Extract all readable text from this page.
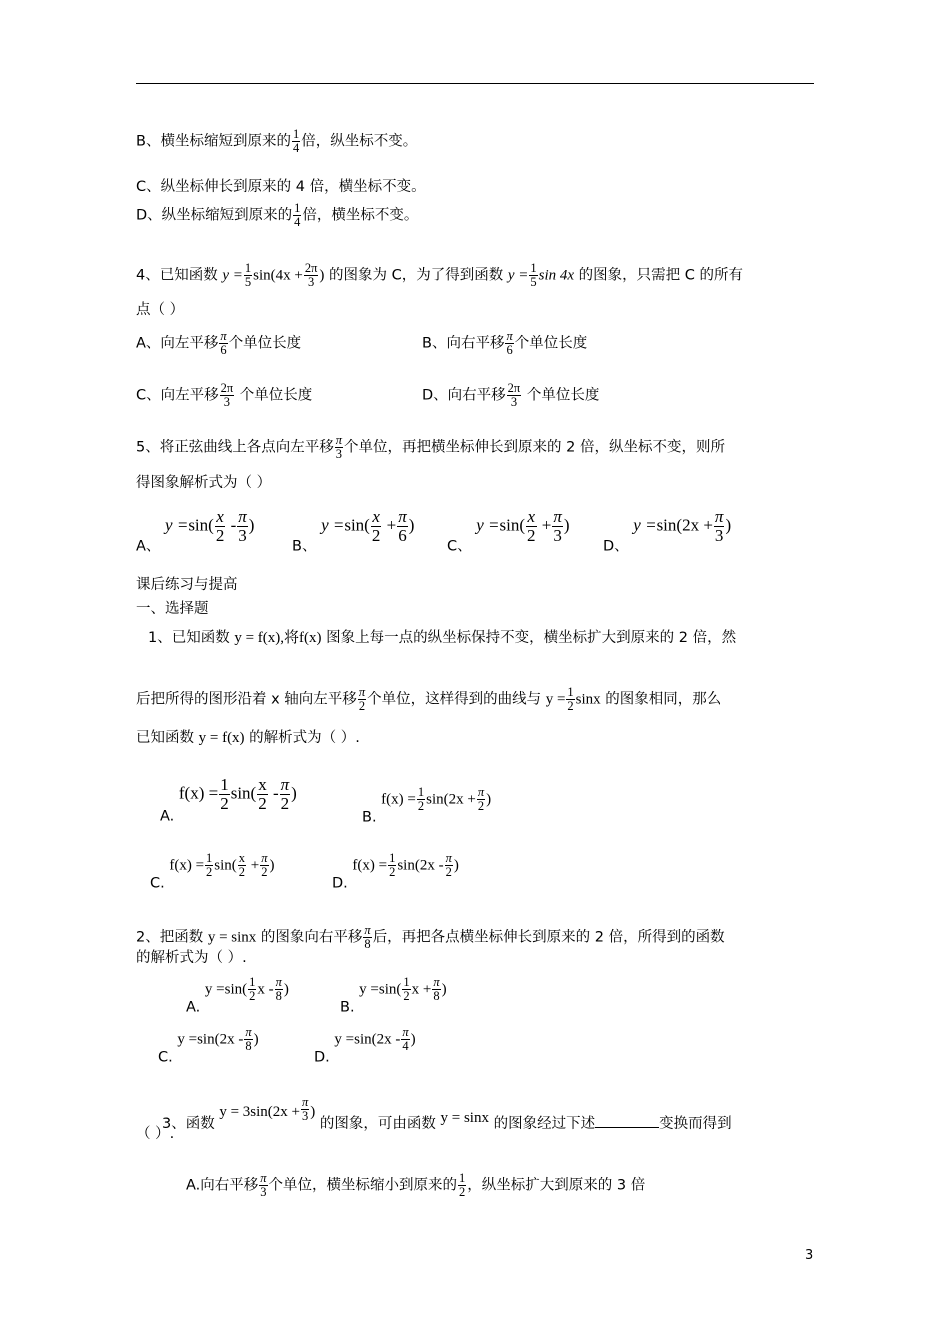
B、横坐标缩短到原来的 $\frac{1}{4}$ 倍，纵坐标不变。
C、纵坐标伸长到原来的 4 倍，横坐标不变。
D、纵坐标缩短到原来的 $\frac{1}{4}$ 倍，横坐标不变。
4、已知函数 $y = \frac{1}{5} \sin(4x + \frac{2\pi}{3}$ ) 的图象为 C，为了得到函数 $y = \frac{1}{5}$ sin 4x 的图象，只需把 C 的所有
点（ ）
A、向左平移 $\frac{\pi}{6}$ 个单位长度	B、向右平移 $\frac{\pi}{6}$ 个单位长度
C、向左平移 $\frac{2\pi}{3}$ 个单位长度	D、向右平移 $\frac{2\pi}{3}$ 个单位长度
5、将正弦曲线上各点向左平移 $\frac{\pi}{3}$ 个单位，再把横坐标伸长到原来的 2 倍，纵坐标不变，则所
得图象解析式为（ ）
A、 $y =\sin( \frac{x}{2} - \frac{\pi}{3}$ )
B、 $y =\sin( \frac{x}{2} + \frac{\pi}{6}$ )
C、 $y =\sin( \frac{x}{2} + \frac{\pi}{3}$ )
D、 $y =\sin(2x + \frac{\pi}{3}$ )
课后练习与提高
一、选择题
1、已知函数 y = f(x),将f(x) 图象上每一点的纵坐标保持不变，横坐标扩大到原来的 2 倍，然
后把所得的图形沿着 x 轴向左平移 $\frac{\pi}{2}$ 个单位，这样得到的曲线与 $y = \frac{1}{2}$ sinx 的图象相同，那么
已知函数 y = f(x) 的解析式为（ ）.
A. $f(x) = \frac{1}{2} \sin( \frac{x}{2} - \frac{\pi}{2}$ )
B. $f(x) = \frac{1}{2} \sin(2x + \frac{\pi}{2}$ )
C. $f(x) = \frac{1}{2} \sin( \frac{x}{2} + \frac{\pi}{2}$ )
D. $f(x) = \frac{1}{2} \sin(2x - \frac{\pi}{2}$ )
2、把函数 y = sinx 的图象向右平移 $\frac{\pi}{8}$ 后，再把各点横坐标伸长到原来的 2 倍，所得到的函数
的解析式为（ ）.
A. $y =\sin( \frac{1}{2}$ x - $\frac{\pi}{8}$ )
B. $y =\sin( \frac{1}{2}$ $x + \frac{\pi}{8}$ )
C. $y =\sin(2x - \frac{\pi}{8}$ )
D. $y =\sin(2x - \frac{\pi}{4}$ )
3、函数 $y = 3\sin(2x + \frac{\pi}{3}$ ) 的图象，可由函数 y = sinx 的图象经过下述	变换而得到
（ ）.
A.向右平移 $\frac{\pi}{3}$ 个单位，横坐标缩小到原来的 $\frac{1}{2}$ ，纵坐标扩大到原来的 3 倍
3
